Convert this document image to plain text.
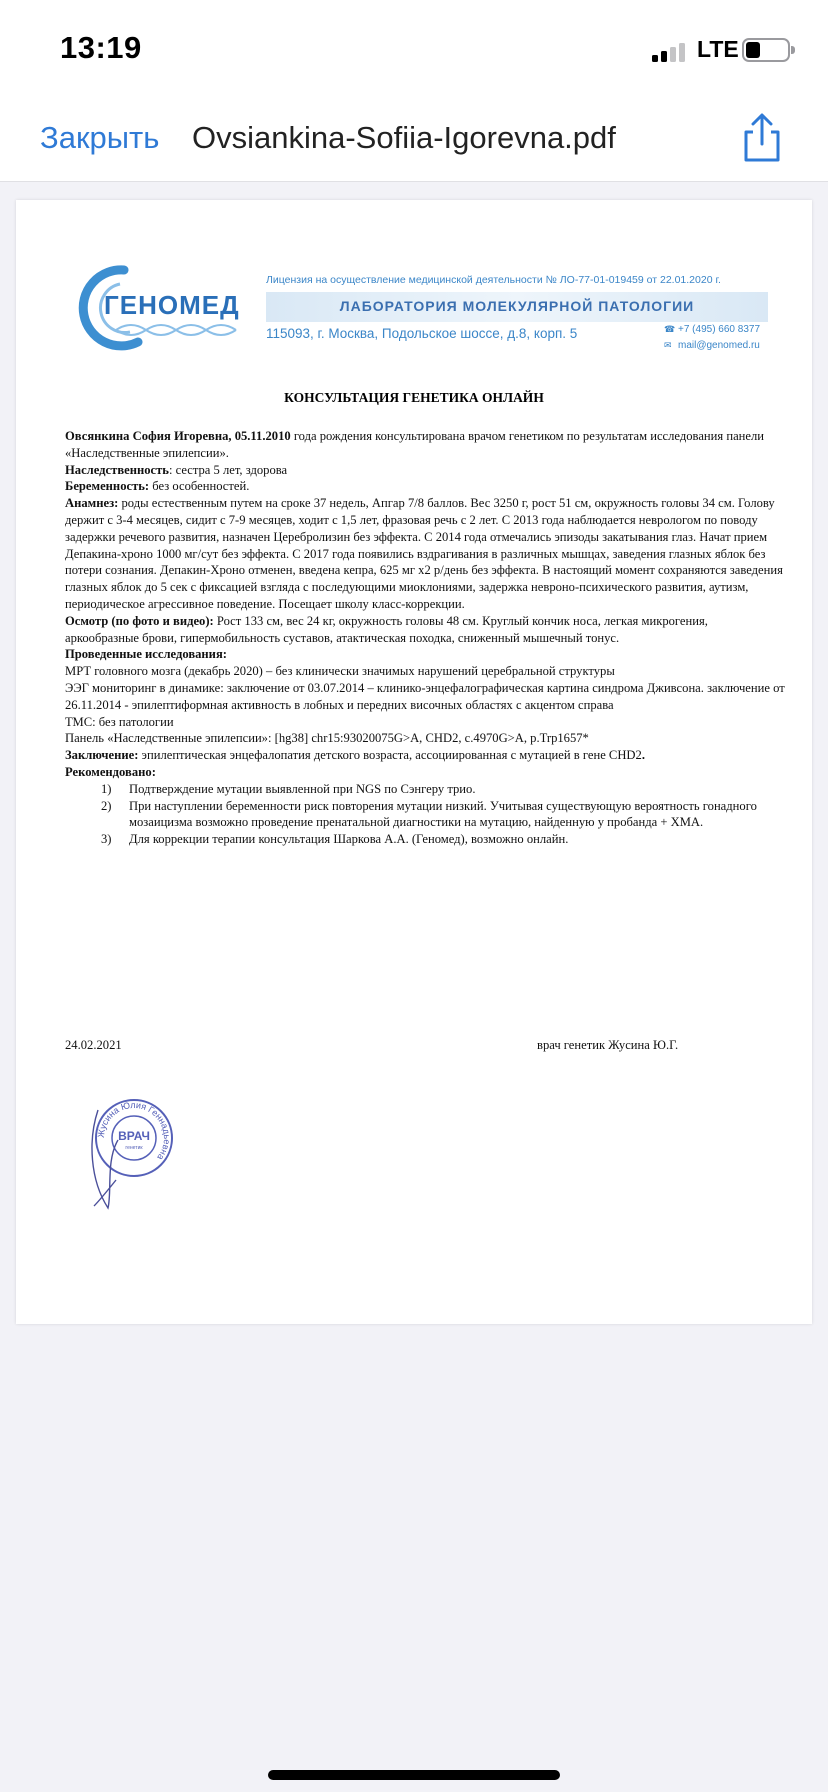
13:19	LTE
Закрыть Ovsiankina-Sofiia-Igorevna.pdf
ГЕНОМЕД
Лицензия на осуществление медицинской деятельности № ЛО-77-01-019459 от 22.01.2020 г.
ЛАБОРАТОРИЯ МОЛЕКУЛЯРНОЙ ПАТОЛОГИИ
115093, г. Москва, Подольское шоссе, д.8, корп. 5	☎ +7 (495) 660 8377
✉ mail@genomed.ru
КОНСУЛЬТАЦИЯ ГЕНЕТИКА ОНЛАЙН

Овсянкина София Игоревна, 05.11.2010 года рождения консультирована врачом генетиком по результатам исследования панели «Наследственные эпилепсии».

Наследственность: сестра 5 лет, здорова

Беременность: без особенностей.

Анамнез: роды естественным путем на сроке 37 недель, Апгар 7/8 баллов. Вес 3250 г, рост 51 см, окружность головы 34 см. Голову держит с 3-4 месяцев, сидит с 7-9 месяцев, ходит с 1,5 лет, фразовая речь с 2 лет. С 2013 года наблюдается неврологом по поводу задержки речевого развития, назначен Церебролизин без эффекта. С 2014 года отмечались эпизоды закатывания глаз. Начат прием Депакина-хроно 1000 мг/сут без эффекта. С 2017 года появились вздрагивания в различных мышцах, заведения глазных яблок без потери сознания. Депакин-Хроно отменен, введена кепра, 625 мг х2 р/день без эффекта. В настоящий момент сохраняются заведения глазных яблок до 5 сек с фиксацией взгляда с последующими миоклониями, задержка невроно-психического развития, аутизм, периодическое агрессивное поведение. Посещает школу класс-коррекции.

Осмотр (по фото и видео): Рост 133 см, вес 24 кг, окружность головы 48 см. Круглый кончик носа, легкая микрогения, аркообразные брови, гипермобильность суставов, атактическая походка, сниженный мышечный тонус.

Проведенные исследования:

МРТ головного мозга (декабрь 2020) – без клинически значимых нарушений церебральной структуры

ЭЭГ мониторинг в динамике: заключение от 03.07.2014 – клинико-энцефалографическая картина синдрома Дживсона. заключение от 26.11.2014 - эпилептиформная активность в лобных и передних височных областях с акцентом справа

ТМС: без патологии

Панель «Наследственные эпилепсии»: [hg38] chr15:93020075G>A, CHD2, c.4970G>A, p.Trp1657*

Заключение: эпилептическая энцефалопатия детского возраста, ассоциированная с мутацией в гене CHD2.

Рекомендовано:

1) Подтверждение мутации выявленной при NGS по Сэнгеру трио.
2) При наступлении беременности риск повторения мутации низкий. Учитывая существующую вероятность гонадного мозаицизма возможно проведение пренатальной диагностики на мутацию, найденную у пробанда + ХМА.
3) Для коррекции терапии консультация Шаркова А.А. (Геномед), возможно онлайн.
24.02.2021	врач генетик Жусина Ю.Г.
Жусина Юлия Геннадьевна
ВРАЧ
генетик
